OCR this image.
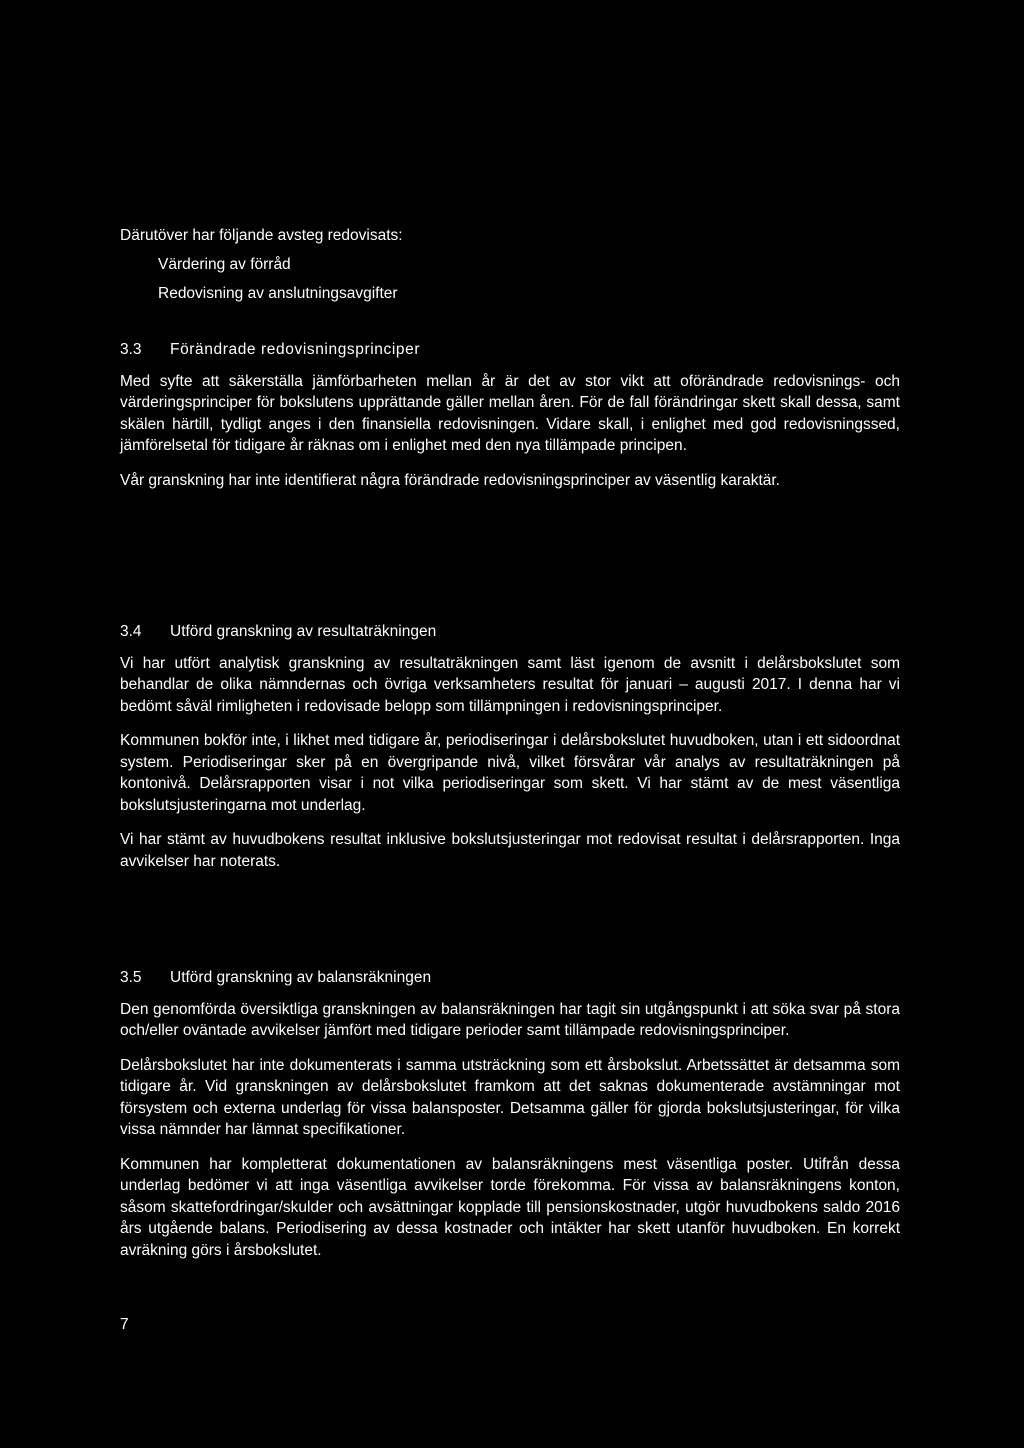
Därutöver har följande avsteg redovisats:
Värdering av förråd
Redovisning av anslutningsavgifter
3.3	Förändrade redovisningsprinciper

Med syfte att säkerställa jämförbarheten mellan år är det av stor vikt att oförändrade redovisnings- och värderingsprinciper för bokslutens upprättande gäller mellan åren. För de fall förändringar skett skall dessa, samt skälen härtill, tydligt anges i den finansiella redovisningen. Vidare skall, i enlighet med god redovisningssed, jämförelsetal för tidigare år räknas om i enlighet med den nya tillämpade principen.

Vår granskning har inte identifierat några förändrade redovisningsprinciper av väsentlig karaktär.

3.4	Utförd granskning av resultaträkningen

Vi har utfört analytisk granskning av resultaträkningen samt läst igenom de avsnitt i delårsbokslutet som behandlar de olika nämndernas och övriga verksamheters resultat för januari – augusti 2017. I denna har vi bedömt såväl rimligheten i redovisade belopp som tillämpningen i redovisningsprinciper.

Kommunen bokför inte, i likhet med tidigare år, periodiseringar i delårsbokslutet huvudboken, utan i ett sidoordnat system. Periodiseringar sker på en övergripande nivå, vilket försvårar vår analys av resultaträkningen på kontonivå. Delårsrapporten visar i not vilka periodiseringar som skett. Vi har stämt av de mest väsentliga bokslutsjusteringarna mot underlag.

Vi har stämt av huvudbokens resultat inklusive bokslutsjusteringar mot redovisat resultat i delårsrapporten. Inga avvikelser har noterats.

3.5	Utförd granskning av balansräkningen

Den genomförda översiktliga granskningen av balansräkningen har tagit sin utgångspunkt i att söka svar på stora och/eller oväntade avvikelser jämfört med tidigare perioder samt tillämpade redovisningsprinciper.

Delårsbokslutet har inte dokumenterats i samma utsträckning som ett årsbokslut. Arbetssättet är detsamma som tidigare år. Vid granskningen av delårsbokslutet framkom att det saknas dokumenterade avstämningar mot försystem och externa underlag för vissa balansposter. Detsamma gäller för gjorda bokslutsjusteringar, för vilka vissa nämnder har lämnat specifikationer.

Kommunen har kompletterat dokumentationen av balansräkningens mest väsentliga poster. Utifrån dessa underlag bedömer vi att inga väsentliga avvikelser torde förekomma. För vissa av balansräkningens konton, såsom skattefordringar/skulder och avsättningar kopplade till pensionskostnader, utgör huvudbokens saldo 2016 års utgående balans. Periodisering av dessa kostnader och intäkter har skett utanför huvudboken. En korrekt avräkning görs i årsbokslutet.

7
